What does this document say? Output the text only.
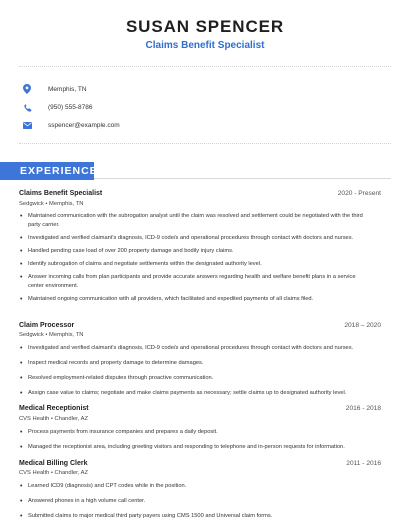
SUSAN SPENCER
Claims Benefit Specialist
Memphis, TN
(950) 555-8786
sspencer@example.com
EXPERIENCE
Claims Benefit Specialist	2020 - Present
Sedgwick • Memphis, TN
• Maintained communication with the subrogation analyst until the claim was resolved and settlement could be negotiated with the third party carrier.
• Investigated and verified claimant's diagnosis, ICD-9 code/s and operational procedures through contact with doctors and nurses.
• Handled pending case load of over 200 property damage and bodily injury claims.
• Identify subrogation of claims and negotiate settlements within the designated authority level.
• Answer incoming calls from plan participants and provide accurate answers regarding health and welfare benefit plans in a service center environment.
• Maintained ongoing communication with all providers, which facilitated and expedited payments of all claims filed.
Claim Processor	2018 – 2020
Sedgwick • Memphis, TN
• Investigated and verified claimant's diagnosis, ICD-9 code/s and operational procedures through contact with doctors and nurses.
• Inspect medical records and property damage to determine damages.
• Resolved employment-related disputes through proactive communication.
• Assign case value to claims; negotiate and make claims payments as necessary; settle claims up to designated authority level.
Medical Receptionist	2016 - 2018
CVS Health • Chandler, AZ
• Process payments from insurance companies and prepares a daily deposit.
• Managed the receptionist area, including greeting visitors and responding to telephone and in-person requests for information.
Medical Billing Clerk	2011 - 2016
CVS Health • Chandler, AZ
• Learned ICD9 (diagnosis) and CPT codes while in the position.
• Answered phones in a high volume call center.
• Submitted claims to major medical third party payers using CMS 1500 and Universal claim forms.
